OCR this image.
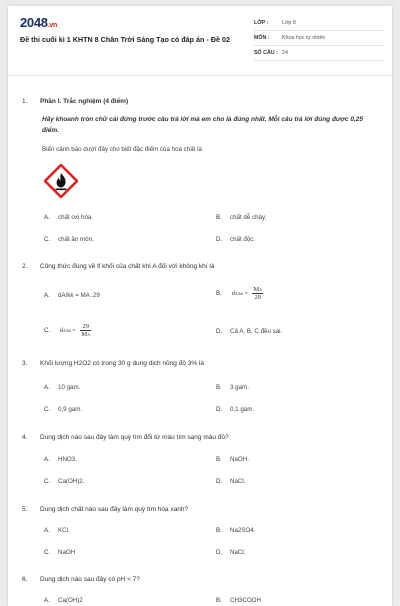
2048.vn
Đề thi cuối kì 1 KHTN 8 Chân Trời Sáng Tạo có đáp án - Đề 02
LỚP :	Lớp 8
MÔN :	Khoa học tự nhiên
SỐ CÂU : 24
1. Phần I. Trắc nghiệm (4 điểm)
Hãy khoanh tròn chữ cái đứng trước câu trả lời mà em cho là đúng nhất. Mỗi câu trả lời đúng được 0,25 điểm.
Biển cảnh báo dưới đây cho biết đặc điểm của hoá chất là
A. chất oxi hóa.	B. chất dễ cháy.
C. chất ăn mòn.	D. chất độc.
2. Công thức đúng về tỉ khối của chất khí A đối với không khí là
A. dA/kk = MA .29	B. $dA/kk = \frac{MA}{29}$
C. $dA/kk = \frac{29}{MA}$	D. Cả A, B, C đều sai.
3. Khối lượng H2O2 có trong 30 g dung dịch nồng độ 3% là
A. 10 gam.	B. 3 gam.
C. 0,9 gam.	D. 0,1 gam.
4. Dung dịch nào sau đây làm quỳ tím đổi từ màu tím sang màu đỏ?
A. HNO3.	B. NaOH.
C. Ca(OH)2.	D. NaCl.
5. Dung dịch chất nào sau đây làm quỳ tím hóa xanh?
A. KCl.	B. Na2SO4.
C. NaOH	D. NaCl.
6. Dung dịch nào sau đây có pH < 7?
A. Ca(OH)2	B. CH3COOH
